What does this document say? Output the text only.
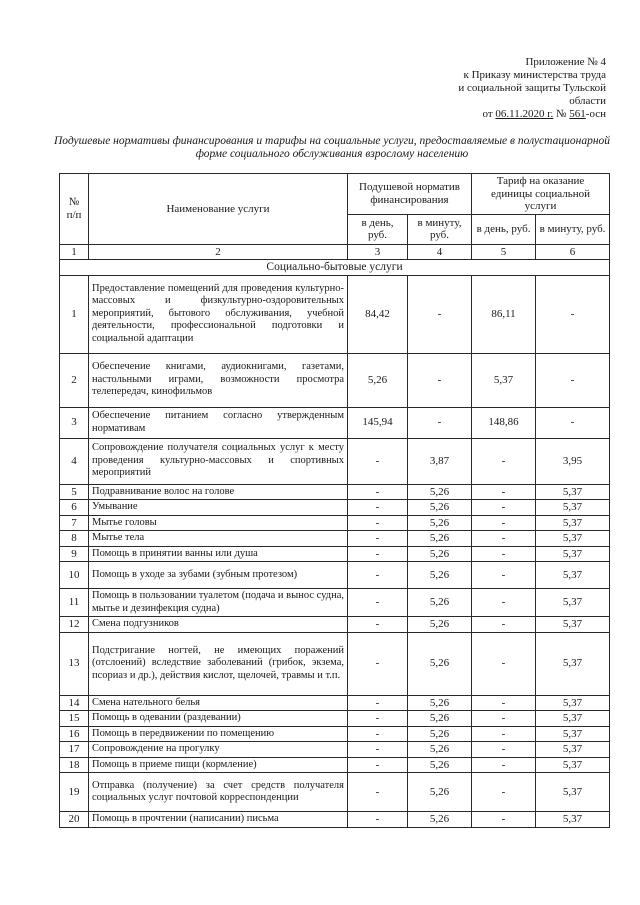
Приложение № 4
к Приказу министерства труда
и социальной защиты Тульской
области
от 06.11.2020 г. № 561-осн
Подушевые нормативы финансирования и тарифы на социальные услуги, предоставляемые в полустационарной форме социального обслуживания взрослому населению
№ п/п	Наименование услуги	Подушевой норматив финансирования		Тариф на оказание единицы социальной услуги	
		в день, руб.	в минуту, руб.	в день, руб.	в минуту, руб.
1	2	3	4	5	6
Социально-бытовые услуги					
1	Предоставление помещений для проведения культурно-массовых и физкультурно-оздоровительных мероприятий, бытового обслуживания, учебной деятельности, профессиональной подготовки и социальной адаптации	84,42	-	86,11	-
2	Обеспечение книгами, аудиокнигами, газетами, настольными играми, возможности просмотра телепередач, кинофильмов	5,26	-	5,37	-
3	Обеспечение питанием согласно утвержденным нормативам	145,94	-	148,86	-
4	Сопровождение получателя социальных услуг к месту проведения культурно-массовых и спортивных мероприятий	-	3,87	-	3,95
5	Подравнивание волос на голове	-	5,26	-	5,37
6	Умывание	-	5,26	-	5,37
7	Мытье головы	-	5,26	-	5,37
8	Мытье тела	-	5,26	-	5,37
9	Помощь в принятии ванны или душа	-	5,26	-	5,37
10	Помощь в уходе за зубами (зубным протезом)	-	5,26	-	5,37
11	Помощь в пользовании туалетом (подача и вынос судна, мытье и дезинфекция судна)	-	5,26	-	5,37
12	Смена подгузников	-	5,26	-	5,37
13	Подстригание ногтей, не имеющих поражений (отслоений) вследствие заболеваний (грибок, экзема, псориаз и др.), действия кислот, щелочей, травмы и т.п.	-	5,26	-	5,37
14	Смена нательного белья	-	5,26	-	5,37
15	Помощь в одевании (раздевании)	-	5,26	-	5,37
16	Помощь в передвижении по помещению	-	5,26	-	5,37
17	Сопровождение на прогулку	-	5,26	-	5,37
18	Помощь в приеме пищи (кормление)	-	5,26	-	5,37
19	Отправка (получение) за счет средств получателя социальных услуг почтовой корреспонденции	-	5,26	-	5,37
20	Помощь в прочтении (написании) письма	-	5,26	-	5,37
